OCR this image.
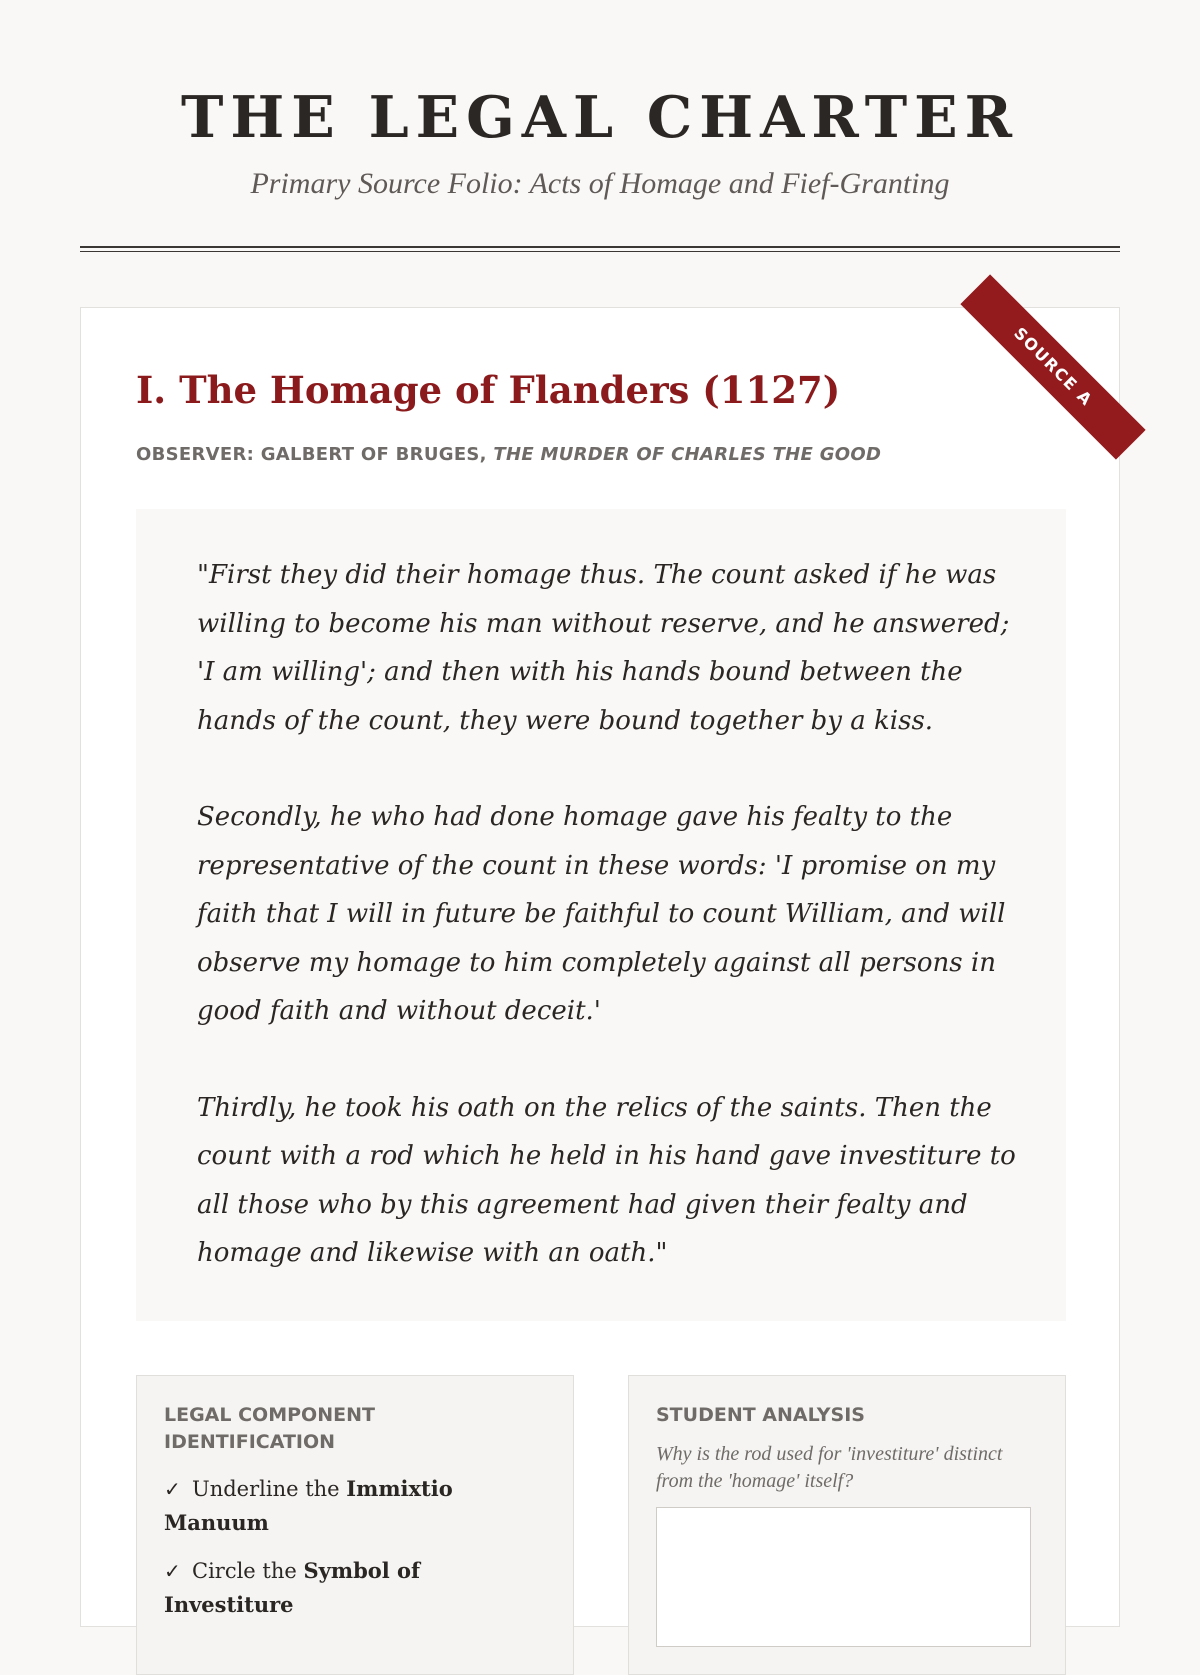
THE LEGAL CHARTER
Primary Source Folio: Acts of Homage and Fief-Granting
SOURCE A
I. The Homage of Flanders (1127)
OBSERVER: GALBERT OF BRUGES, THE MURDER OF CHARLES THE GOOD

"First they did their homage thus. The count asked if he was willing to become his man without reserve, and he answered; 'I am willing'; and then with his hands bound between the hands of the count, they were bound together by a kiss.

Secondly, he who had done homage gave his fealty to the representative of the count in these words: 'I promise on my faith that I will in future be faithful to count William, and will observe my homage to him completely against all persons in good faith and without deceit.'

Thirdly, he took his oath on the relics of the saints. Then the count with a rod which he held in his hand gave investiture to all those who by this agreement had given their fealty and homage and likewise with an oath."

LEGAL COMPONENT IDENTIFICATION
✓ Underline the Immixtio Manuum
✓ Circle the Symbol of Investiture
STUDENT ANALYSIS
Why is the rod used for 'investiture' distinct from the 'homage' itself?
